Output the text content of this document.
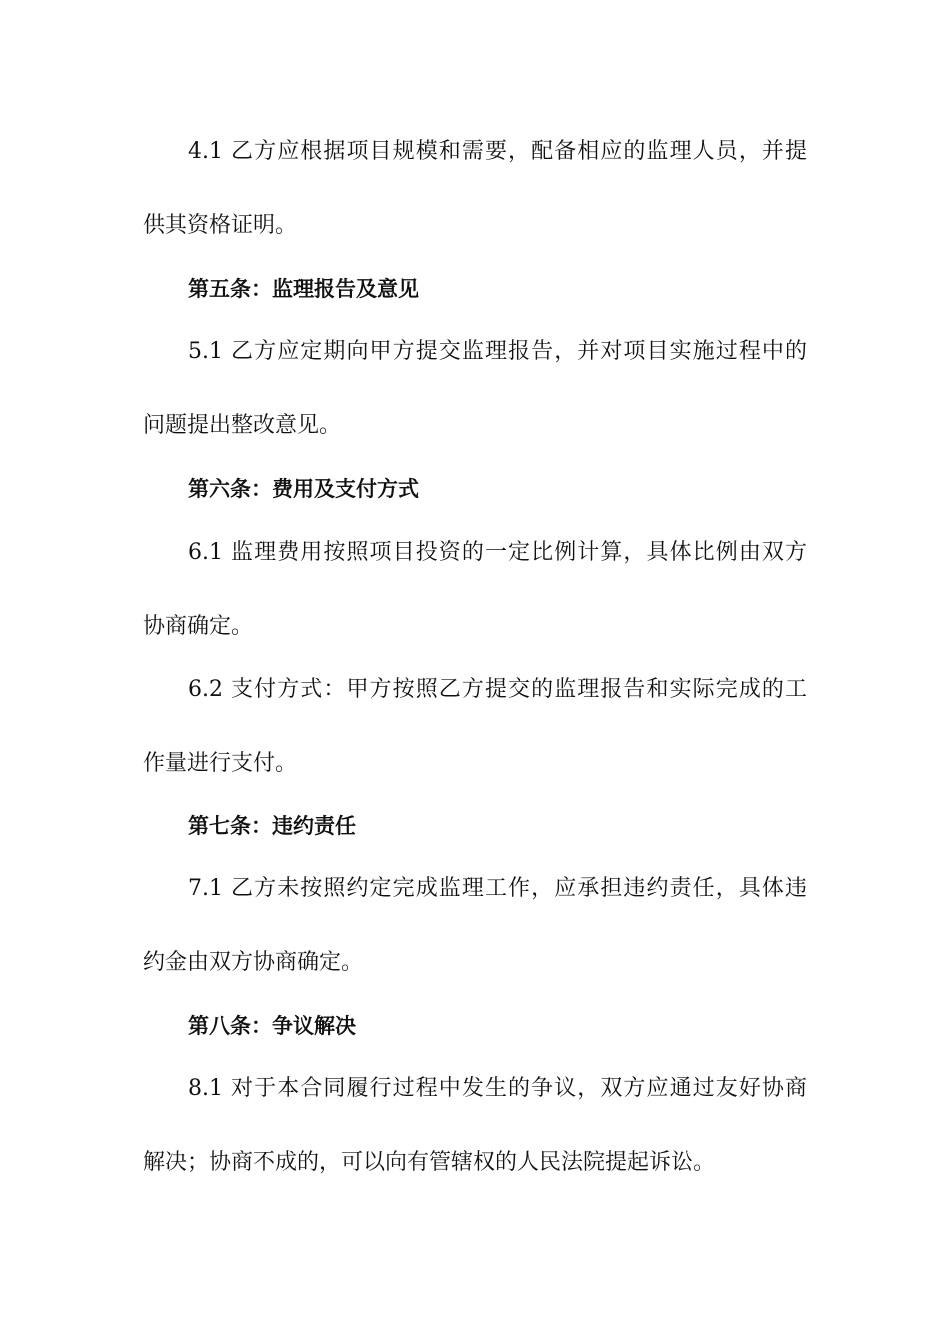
4.1 乙方应根据项目规模和需要，配备相应的监理人员，并提
供其资格证明。
第五条：监理报告及意见
5.1 乙方应定期向甲方提交监理报告，并对项目实施过程中的
问题提出整改意见。
第六条：费用及支付方式
6.1 监理费用按照项目投资的一定比例计算，具体比例由双方
协商确定。
6.2 支付方式：甲方按照乙方提交的监理报告和实际完成的工
作量进行支付。
第七条：违约责任
7.1 乙方未按照约定完成监理工作，应承担违约责任，具体违
约金由双方协商确定。
第八条：争议解决
8.1 对于本合同履行过程中发生的争议，双方应通过友好协商
解决；协商不成的，可以向有管辖权的人民法院提起诉讼。
